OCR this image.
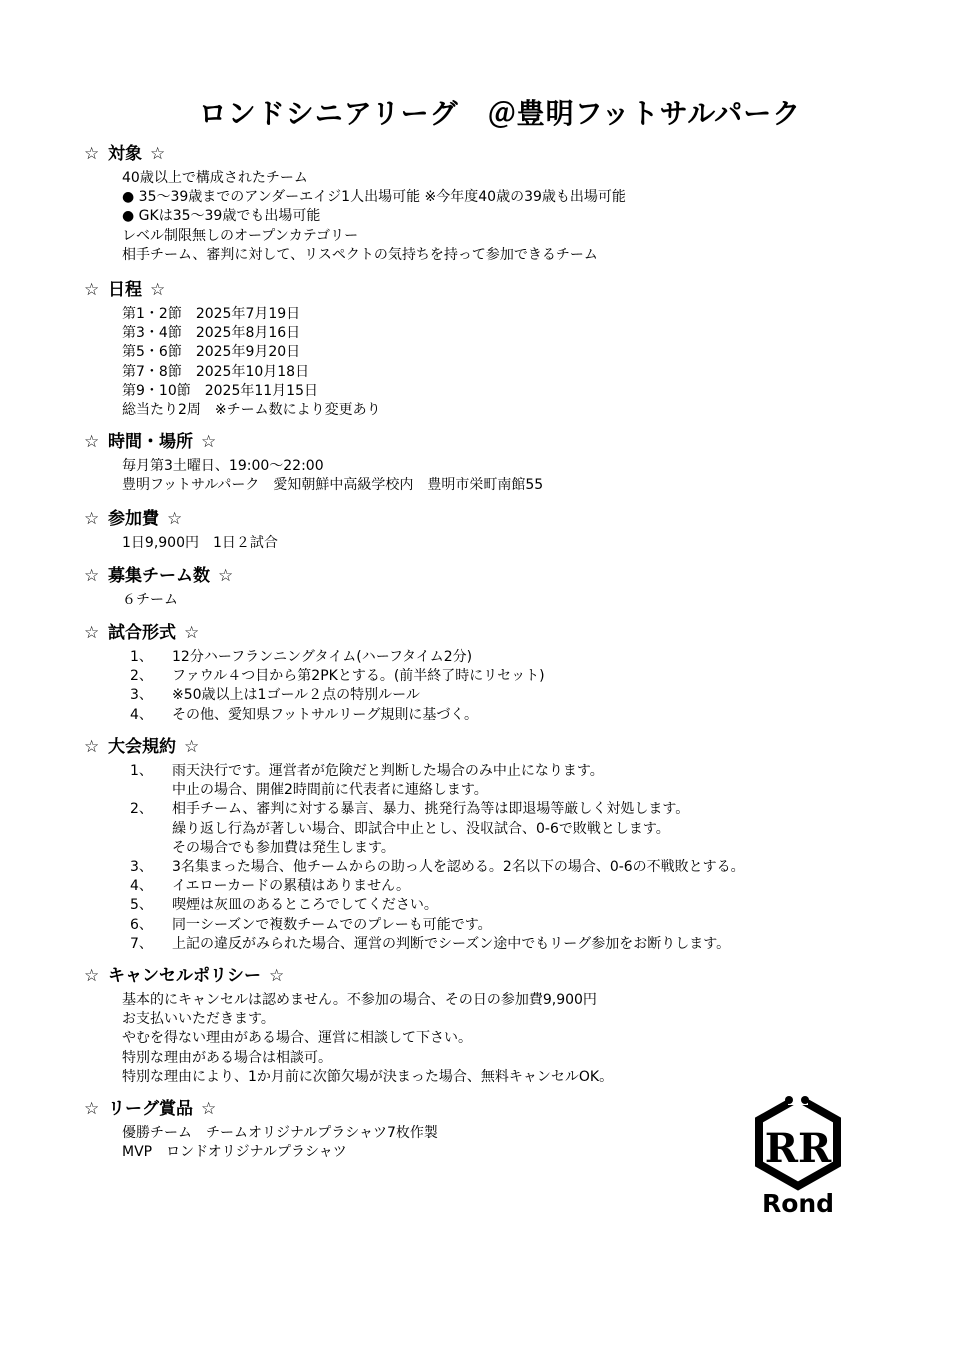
ロンドシニアリーグ　＠豊明フットサルパーク
☆ 対象 ☆
40歳以上で構成されたチーム
● 35～39歳までのアンダーエイジ1人出場可能 ※今年度40歳の39歳も出場可能
● GKは35～39歳でも出場可能
レベル制限無しのオープンカテゴリー
相手チーム、審判に対して、リスペクトの気持ちを持って参加できるチーム
☆ 日程 ☆
第1・2節　2025年7月19日
第3・4節　2025年8月16日
第5・6節　2025年9月20日
第7・8節　2025年10月18日
第9・10節　2025年11月15日
総当たり2周　※チーム数により変更あり
☆ 時間・場所 ☆
毎月第3土曜日、19:00～22:00
豊明フットサルパーク　愛知朝鮮中高級学校内　豊明市栄町南館55
☆ 参加費 ☆
1日9,900円　1日２試合
☆ 募集チーム数 ☆
６チーム
☆ 試合形式 ☆
1、 12分ハーフランニングタイム(ハーフタイム2分)
2、 ファウル４つ目から第2PKとする。(前半終了時にリセット)
3、 ※50歳以上は1ゴール２点の特別ルール
4、 その他、愛知県フットサルリーグ規則に基づく。
☆ 大会規約 ☆
1、 雨天決行です。運営者が危険だと判断した場合のみ中止になります。
中止の場合、開催2時間前に代表者に連絡します。
2、 相手チーム、審判に対する暴言、暴力、挑発行為等は即退場等厳しく対処します。
繰り返し行為が著しい場合、即試合中止とし、没収試合、0-6で敗戦とします。
その場合でも参加費は発生します。
3、 3名集まった場合、他チームからの助っ人を認める。2名以下の場合、0-6の不戦敗とする。
4、 イエローカードの累積はありません。
5、 喫煙は灰皿のあるところでしてください。
6、 同一シーズンで複数チームでのプレーも可能です。
7、 上記の違反がみられた場合、運営の判断でシーズン途中でもリーグ参加をお断りします。
☆ キャンセルポリシー ☆
基本的にキャンセルは認めません。不参加の場合、その日の参加費9,900円
お支払いいただきます。
やむを得ない理由がある場合、運営に相談して下さい。
特別な理由がある場合は相談可。
特別な理由により、1か月前に次節欠場が決まった場合、無料キャンセルOK。
☆ リーグ賞品 ☆
優勝チーム　チームオリジナルプラシャツ7枚作製
MVP　ロンドオリジナルプラシャツ	RR
Rond
